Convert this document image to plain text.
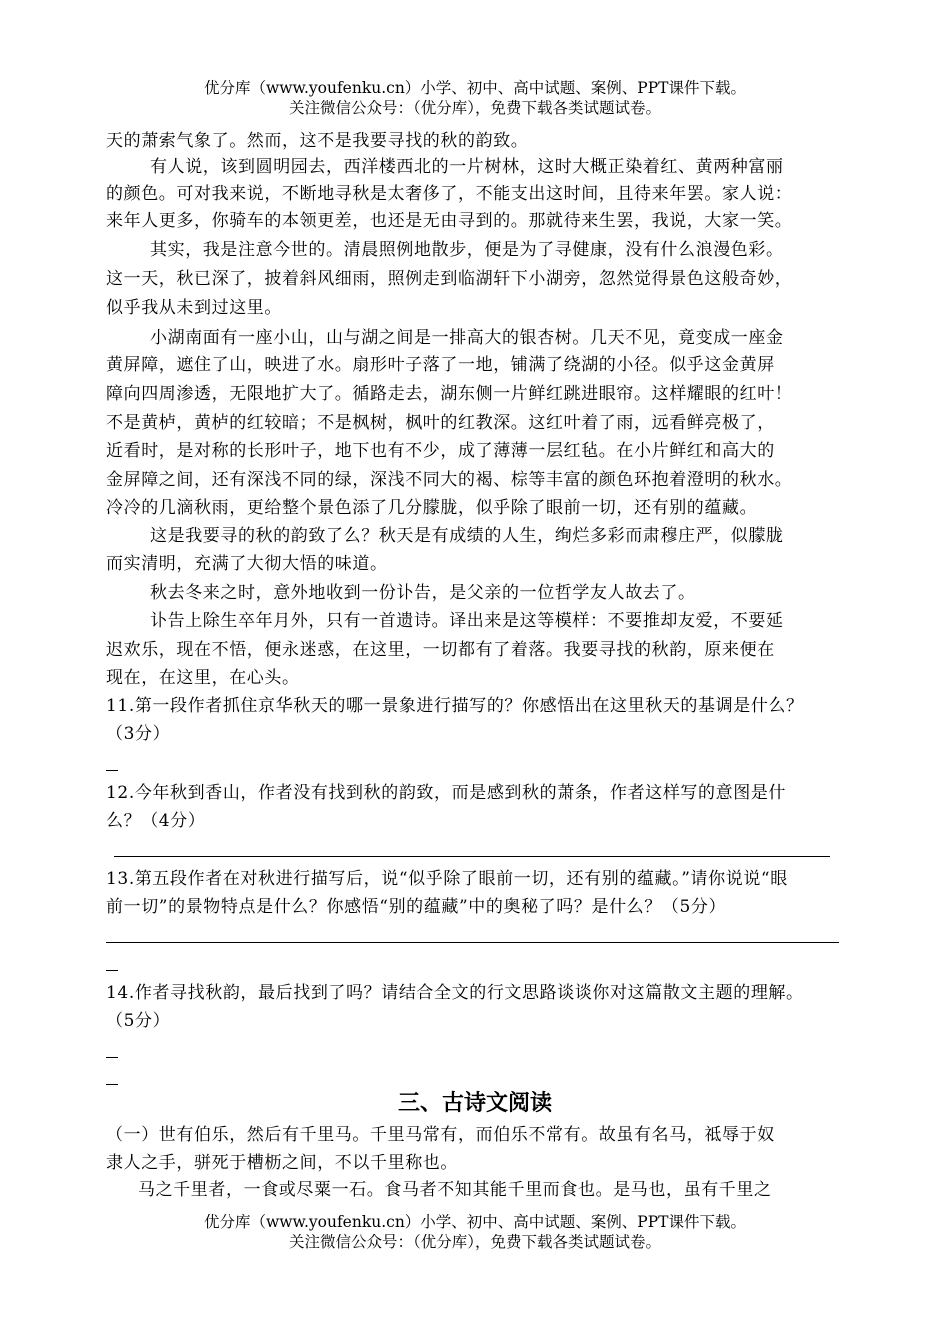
优分库（www.youfenku.cn）小学、初中、高中试题、案例、PPT课件下载。
关注微信公众号：（优分库），免费下载各类试题试卷。
天的萧索气象了。然而，这不是我要寻找的秋的韵致。
有人说，该到圆明园去，西洋楼西北的一片树林，这时大概正染着红、黄两种富丽
的颜色。可对我来说，不断地寻秋是太奢侈了，不能支出这时间，且待来年罢。家人说：
来年人更多，你骑车的本领更差，也还是无由寻到的。那就待来生罢，我说，大家一笑。
其实，我是注意今世的。清晨照例地散步，便是为了寻健康，没有什么浪漫色彩。
这一天，秋已深了，披着斜风细雨，照例走到临湖轩下小湖旁，忽然觉得景色这般奇妙，
似乎我从未到过这里。
小湖南面有一座小山，山与湖之间是一排高大的银杏树。几天不见，竟变成一座金
黄屏障，遮住了山，映进了水。扇形叶子落了一地，铺满了绕湖的小径。似乎这金黄屏
障向四周渗透，无限地扩大了。循路走去，湖东侧一片鲜红跳进眼帘。这样耀眼的红叶！
不是黄栌，黄栌的红较暗；不是枫树，枫叶的红教深。这红叶着了雨，远看鲜亮极了，
近看时，是对称的长形叶子，地下也有不少，成了薄薄一层红毡。在小片鲜红和高大的
金屏障之间，还有深浅不同的绿，深浅不同大的褐、棕等丰富的颜色环抱着澄明的秋水。
冷冷的几滴秋雨，更给整个景色添了几分朦胧，似乎除了眼前一切，还有别的蕴藏。
这是我要寻的秋的韵致了么？秋天是有成绩的人生，绚烂多彩而肃穆庄严，似朦胧
而实清明，充满了大彻大悟的味道。
秋去冬来之时，意外地收到一份讣告，是父亲的一位哲学友人故去了。
讣告上除生卒年月外，只有一首遗诗。译出来是这等模样：不要推却友爱，不要延
迟欢乐，现在不悟，便永迷惑，在这里，一切都有了着落。我要寻找的秋韵，原来便在
现在，在这里，在心头。
11.第一段作者抓住京华秋天的哪一景象进行描写的？你感悟出在这里秋天的基调是什么？
（3分）
12.今年秋到香山，作者没有找到秋的韵致，而是感到秋的萧条，作者这样写的意图是什
么？（4分）
13.第五段作者在对秋进行描写后，说“似乎除了眼前一切，还有别的蕴藏。”请你说说“眼
前一切”的景物特点是什么？你感悟“别的蕴藏”中的奥秘了吗？是什么？（5分）
14.作者寻找秋韵，最后找到了吗？请结合全文的行文思路谈谈你对这篇散文主题的理解。
（5分）
三、古诗文阅读
（一）世有伯乐，然后有千里马。千里马常有，而伯乐不常有。故虽有名马，祗辱于奴
隶人之手，骈死于槽枥之间，不以千里称也。
马之千里者，一食或尽粟一石。食马者不知其能千里而食也。是马也，虽有千里之
优分库（www.youfenku.cn）小学、初中、高中试题、案例、PPT课件下载。
关注微信公众号：（优分库），免费下载各类试题试卷。
